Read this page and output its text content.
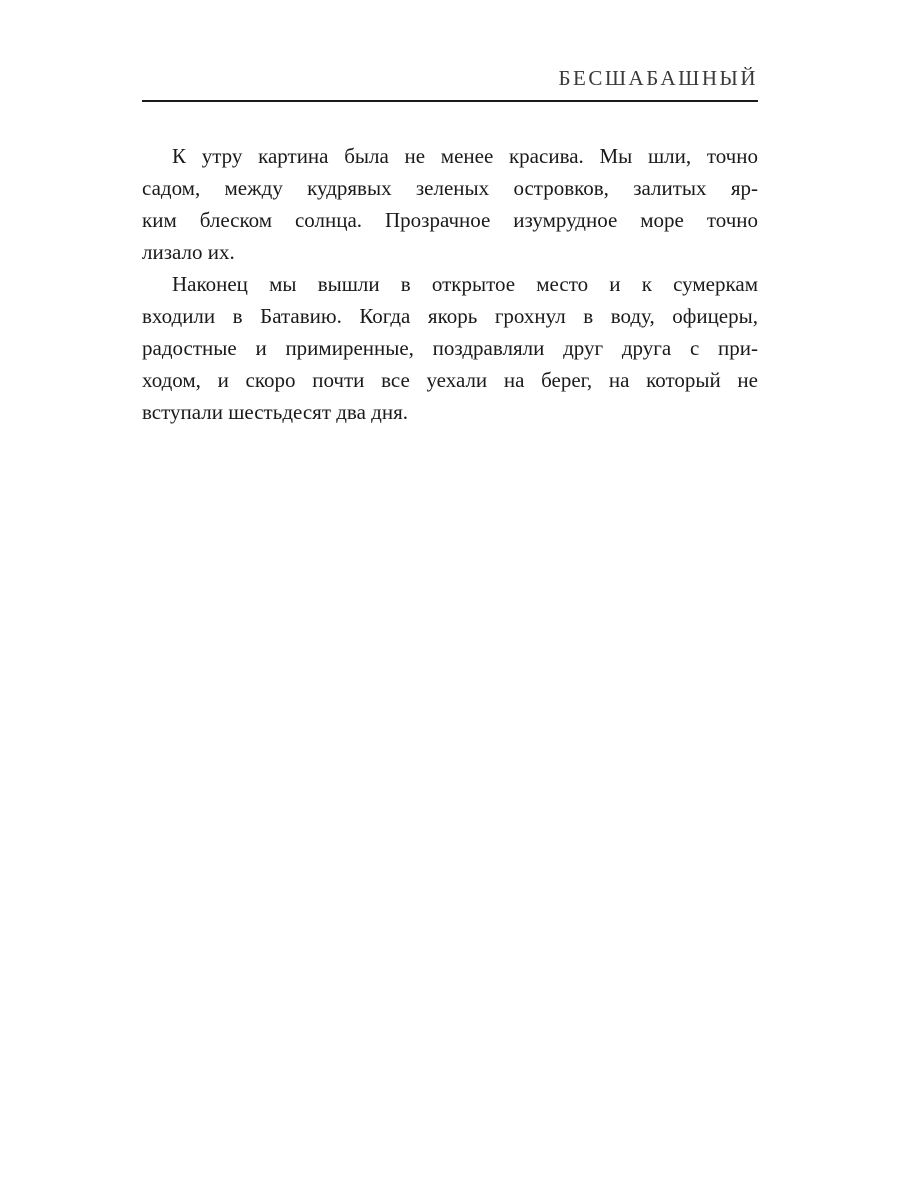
БЕСШАБАШНЫЙ
К утру картина была не менее красива. Мы шли, точно
садом, между кудрявых зеленых островков, залитых яр-
ким блеском солнца. Прозрачное изумрудное море точно
лизало их.
Наконец мы вышли в открытое место и к сумеркам
входили в Батавию. Когда якорь грохнул в воду, офицеры,
радостные и примиренные, поздравляли друг друга с при-
ходом, и скоро почти все уехали на берег, на который не
вступали шестьдесят два дня.
